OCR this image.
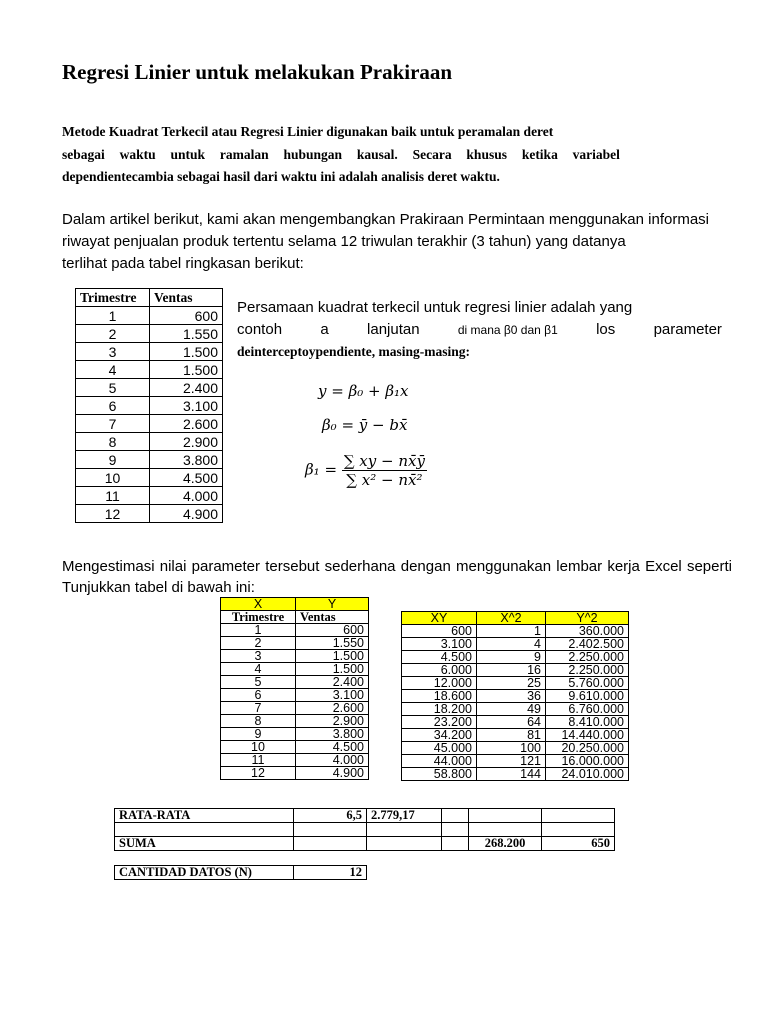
Regresi Linier untuk melakukan Prakiraan
Metode Kuadrat Terkecil atau Regresi Linier digunakan baik untuk peramalan deret
sebagai waktu untuk ramalan hubungan kausal. Secara khusus ketika variabel
dependientecambia sebagai hasil dari waktu ini adalah analisis deret waktu.
Dalam artikel berikut, kami akan mengembangkan Prakiraan Permintaan menggunakan informasi
riwayat penjualan produk tertentu selama 12 triwulan terakhir (3 tahun) yang datanya
terlihat pada tabel ringkasan berikut:
Trimestre	Ventas
1	600
2	1.550
3	1.500
4	1.500
5	2.400
6	3.100
7	2.600
8	2.900
9	3.800
10	4.500
11	4.000
12	4.900
Persamaan kuadrat terkecil untuk regresi linier adalah yang
contoh	a	lanjutan	di mana β0 dan β1	los	parameter
deinterceptoypendiente, masing-masing:
y = β₀ + β₁x
β₀ = ȳ − bx̄
$\beta_1 = \frac{\sum xy - nx̄ȳ}{\text{∑ x² − nx̄²}}$
Mengestimasi nilai parameter tersebut sederhana dengan menggunakan lembar kerja Excel seperti
Tunjukkan tabel di bawah ini:
X	Y
Trimestre	Ventas
1	600
2	1.550
3	1.500
4	1.500
5	2.400
6	3.100
7	2.600
8	2.900
9	3.800
10	4.500
11	4.000
12	4.900
XY	X^2	Y^2
600	1	360.000
3.100	4	2.402.500
4.500	9	2.250.000
6.000	16	2.250.000
12.000	25	5.760.000
18.600	36	9.610.000
18.200	49	6.760.000
23.200	64	8.410.000
34.200	81	14.440.000
45.000	100	20.250.000
44.000	121	16.000.000
58.800	144	24.010.000
RATA-RATA	6,5	2.779,17			

SUMA				268.200	650
CANTIDAD DATOS (N)	12
